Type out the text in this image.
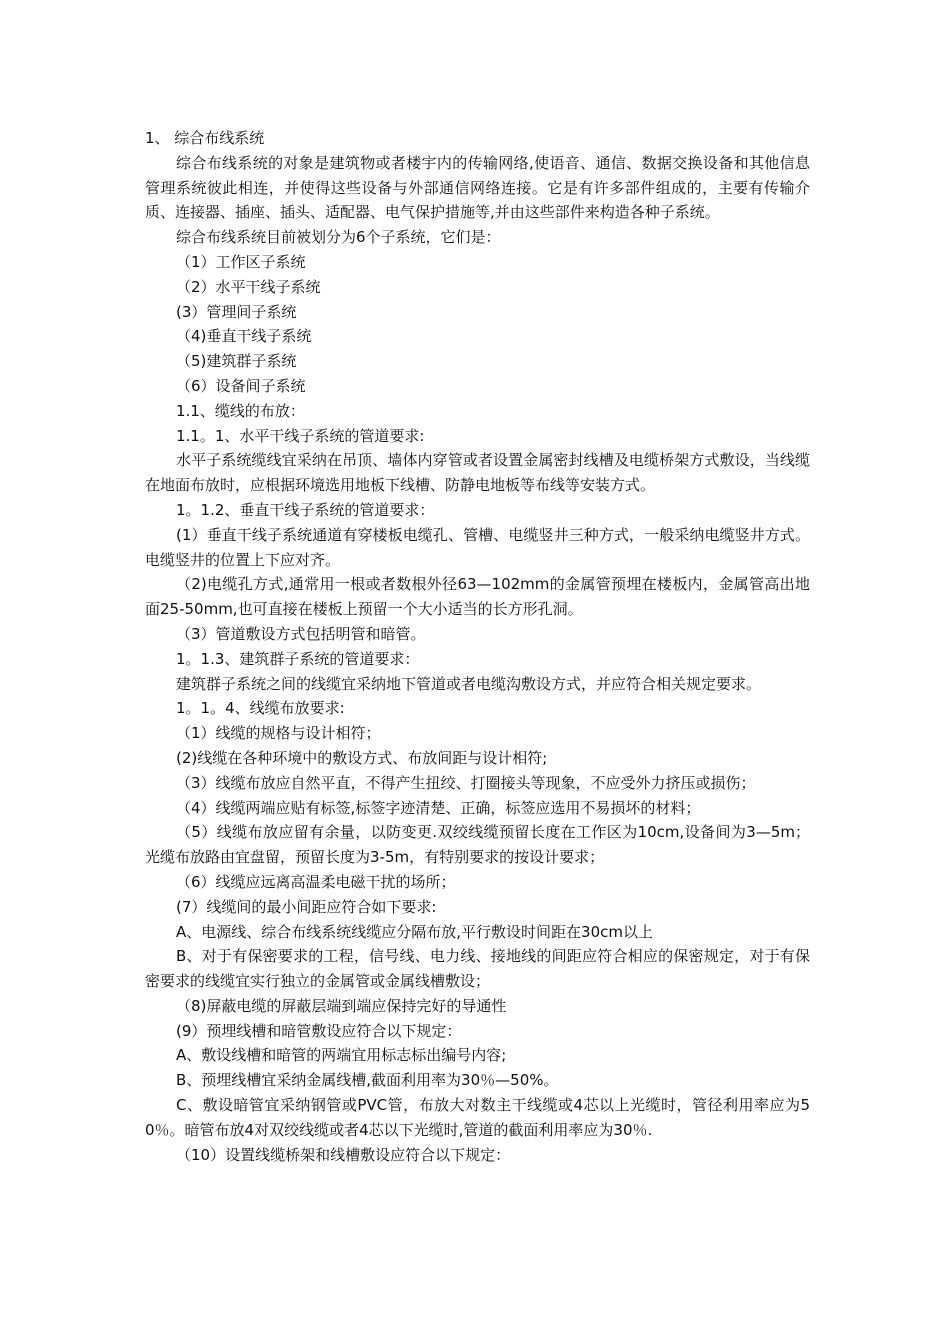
1、 综合布线系统

综合布线系统的对象是建筑物或者楼宇内的传输网络,使语音、通信、数据交换设备和其他信息管理系统彼此相连，并使得这些设备与外部通信网络连接。它是有许多部件组成的，主要有传输介质、连接器、插座、插头、适配器、电气保护措施等,并由这些部件来构造各种子系统。

综合布线系统目前被划分为6个子系统，它们是：

（1）工作区子系统

（2）水平干线子系统

(3）管理间子系统

（4)垂直干线子系统

（5)建筑群子系统

（6）设备间子系统

1.1、缆线的布放：

1.1。1、水平干线子系统的管道要求:

水平子系统缆线宜采纳在吊顶、墙体内穿管或者设置金属密封线槽及电缆桥架方式敷设，当线缆在地面布放时，应根据环境选用地板下线槽、防静电地板等布线等安装方式。

1。1.2、垂直干线子系统的管道要求：

(1）垂直干线子系统通道有穿楼板电缆孔、管槽、电缆竖井三种方式，一般采纳电缆竖井方式。电缆竖井的位置上下应对齐。

（2)电缆孔方式,通常用一根或者数根外径63—102mm的金属管预埋在楼板内，金属管高出地面25-50mm,也可直接在楼板上预留一个大小适当的长方形孔洞。

（3）管道敷设方式包括明管和暗管。

1。1.3、建筑群子系统的管道要求：

建筑群子系统之间的线缆宜采纳地下管道或者电缆沟敷设方式，并应符合相关规定要求。

1。1。4、线缆布放要求:

（1）线缆的规格与设计相符；

(2)线缆在各种环境中的敷设方式、布放间距与设计相符;

（3）线缆布放应自然平直，不得产生扭绞、打圈接头等现象，不应受外力挤压或损伤；

（4）线缆两端应贴有标签,标签字迹清楚、正确，标签应选用不易损坏的材料；

（5）线缆布放应留有余量，以防变更.双绞线缆预留长度在工作区为10cm,设备间为3—5m；光缆布放路由宜盘留，预留长度为3-5m，有特别要求的按设计要求；

（6）线缆应远离高温柔电磁干扰的场所；

(7）线缆间的最小间距应符合如下要求:

A、电源线、综合布线系统线缆应分隔布放,平行敷设时间距在30cm以上

B、对于有保密要求的工程，信号线、电力线、接地线的间距应符合相应的保密规定，对于有保密要求的线缆宜实行独立的金属管或金属线槽敷设；

（8)屏蔽电缆的屏蔽层端到端应保持完好的导通性

(9）预埋线槽和暗管敷设应符合以下规定：

A、敷设线槽和暗管的两端宜用标志标出编号内容;

B、预埋线槽宜采纳金属线槽,截面利用率为30％—50%。

C、敷设暗管宜采纳钢管或PVC管，布放大对数主干线缆或4芯以上光缆时，管径利用率应为50％。暗管布放4对双绞线缆或者4芯以下光缆时,管道的截面利用率应为30％.

（10）设置线缆桥架和线槽敷设应符合以下规定：
